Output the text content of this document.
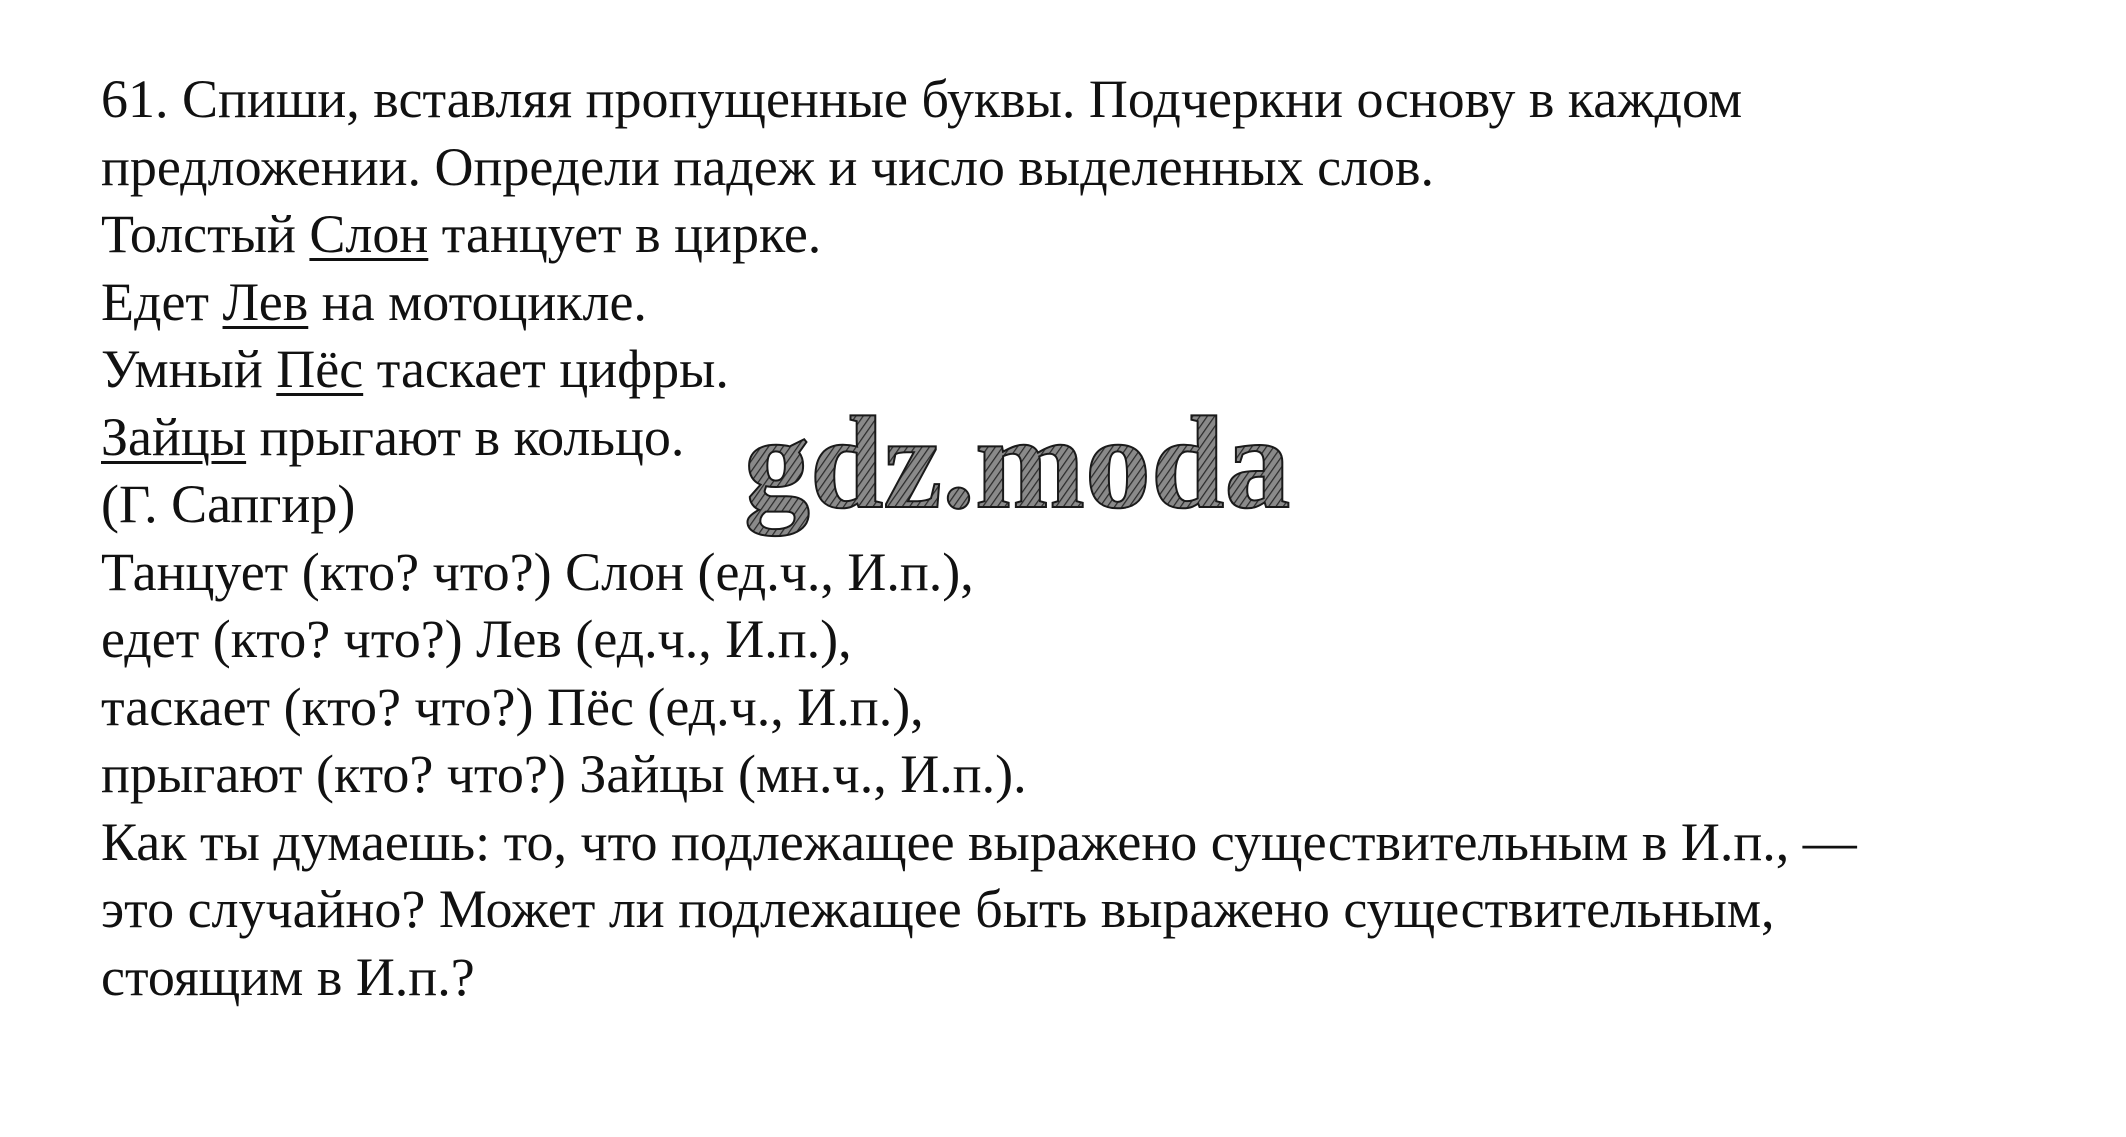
61. Спиши, вставляя пропущенные буквы. Подчеркни основу в каждом
предложении. Определи падеж и число выделенных слов.
Толстый Слон танцует в цирке.
Едет Лев на мотоцикле.
Умный Пёс таскает цифры.
Зайцы прыгают в кольцо.
(Г. Сапгир)
Танцует (кто? что?) Слон (ед.ч., И.п.),
едет (кто? что?) Лев (ед.ч., И.п.),
таскает (кто? что?) Пёс (ед.ч., И.п.),
прыгают (кто? что?) Зайцы (мн.ч., И.п.).
Как ты думаешь: то, что подлежащее выражено существительным в И.п., —
это случайно? Может ли подлежащее быть выражено существительным,
стоящим в И.п.?
gdz.moda
